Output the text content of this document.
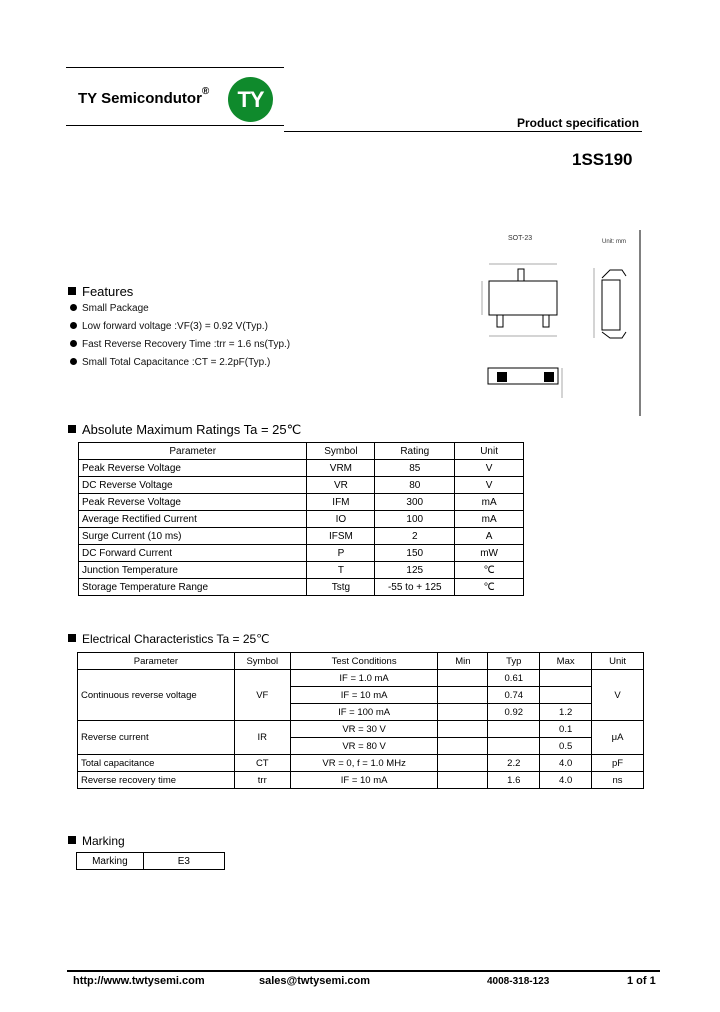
TY Semicondutor® TY
Product specification
1SS190
SOT-23	Unit: mm
Features
Small Package
Low forward voltage :VF(3) = 0.92 V(Typ.)
Fast Reverse Recovery Time :trr = 1.6 ns(Typ.)
Small Total Capacitance :CT = 2.2pF(Typ.)
Absolute Maximum Ratings Ta = 25℃
Parameter	Symbol	Rating	Unit
Peak Reverse Voltage	VRM	85	V
DC Reverse Voltage	VR	80	V
Peak Reverse Voltage	IFM	300	mA
Average Rectified Current	IO	100	mA
Surge Current (10 ms)	IFSM	2	A
DC Forward Current	P	150	mW
Junction Temperature	T	125	℃
Storage Temperature Range	Tstg	-55 to + 125	℃
Electrical Characteristics Ta = 25℃
Parameter	Symbol	Test Conditions	Min	Typ	Max	Unit
Continuous reverse voltage	VF	IF = 1.0 mA		0.61		V
		IF = 10 mA		0.74		
		IF = 100 mA		0.92	1.2	
Reverse current	IR	VR = 30 V			0.1	μA
		VR = 80 V			0.5	
Total capacitance	CT	VR = 0, f = 1.0 MHz		2.2	4.0	pF
Reverse recovery time	trr	IF = 10 mA		1.6	4.0	ns
Marking
Marking	E3
http://www.twtysemi.com	sales@twtysemi.com	4008-318-123	1 of 1
